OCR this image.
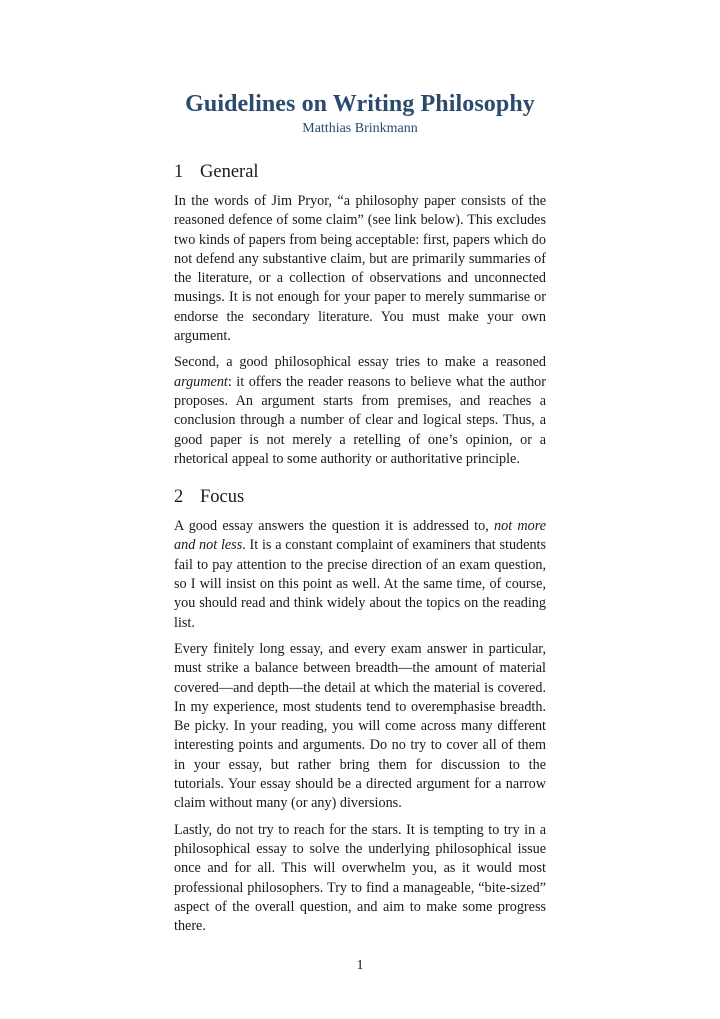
Guidelines on Writing Philosophy
Matthias Brinkmann
1 General

In the words of Jim Pryor, “a philosophy paper consists of the reasoned defence of some claim” (see link below). This excludes two kinds of papers from being acceptable: first, papers which do not defend any substantive claim, but are primarily summaries of the literature, or a collection of observations and unconnected musings. It is not enough for your paper to merely summarise or endorse the secondary literature. You must make your own argument.

Second, a good philosophical essay tries to make a reasoned argument: it offers the reader reasons to believe what the author proposes. An argument starts from premises, and reaches a conclusion through a number of clear and logical steps. Thus, a good paper is not merely a retelling of one’s opinion, or a rhetorical appeal to some authority or authoritative principle.

2 Focus

A good essay answers the question it is addressed to, not more and not less. It is a constant complaint of examiners that students fail to pay attention to the precise direction of an exam question, so I will insist on this point as well. At the same time, of course, you should read and think widely about the topics on the reading list.

Every finitely long essay, and every exam answer in particular, must strike a balance between breadth—the amount of material covered—and depth—the detail at which the material is covered. In my experience, most students tend to overemphasise breadth. Be picky. In your reading, you will come across many different interesting points and arguments. Do no try to cover all of them in your essay, but rather bring them for discussion to the tutorials. Your essay should be a directed argument for a narrow claim without many (or any) diversions.

Lastly, do not try to reach for the stars. It is tempting to try in a philosophical essay to solve the underlying philosophical issue once and for all. This will overwhelm you, as it would most professional philosophers. Try to find a manageable, “bite-sized” aspect of the overall question, and aim to make some progress there.

1
